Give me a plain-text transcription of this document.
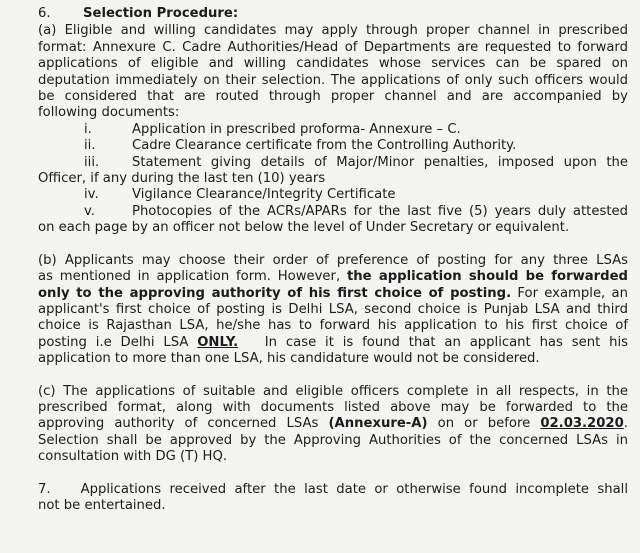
6.	Selection Procedure:
(a) Eligible and willing candidates may apply through proper channel in prescribed
format: Annexure C. Cadre Authorities/Head of Departments are requested to forward
applications of eligible and willing candidates whose services can be spared on
deputation immediately on their selection. The applications of only such officers would
be considered that are routed through proper channel and are accompanied by
following documents:
i.	Application in prescribed proforma- Annexure – C.
ii.	Cadre Clearance certificate from the Controlling Authority.
iii.	Statement giving details of Major/Minor penalties, imposed upon the
Officer, if any during the last ten (10) years
iv.	Vigilance Clearance/Integrity Certificate
v.	Photocopies of the ACRs/APARs for the last five (5) years duly attested
on each page by an officer not below the level of Under Secretary or equivalent.
(b) Applicants may choose their order of preference of posting for any three LSAs
as mentioned in application form. However, the application should be forwarded
only to the approving authority of his first choice of posting. For example, an
applicant's first choice of posting is Delhi LSA, second choice is Punjab LSA and third
choice is Rajasthan LSA, he/she has to forward his application to his first choice of
posting i.e Delhi LSA ONLY. In case it is found that an applicant has sent his
application to more than one LSA, his candidature would not be considered.
(c) The applications of suitable and eligible officers complete in all respects, in the
prescribed format, along with documents listed above may be forwarded to the
approving authority of concerned LSAs (Annexure-A) on or before 02.03.2020.
Selection shall be approved by the Approving Authorities of the concerned LSAs in
consultation with DG (T) HQ.
7. Applications received after the last date or otherwise found incomplete shall
not be entertained.
